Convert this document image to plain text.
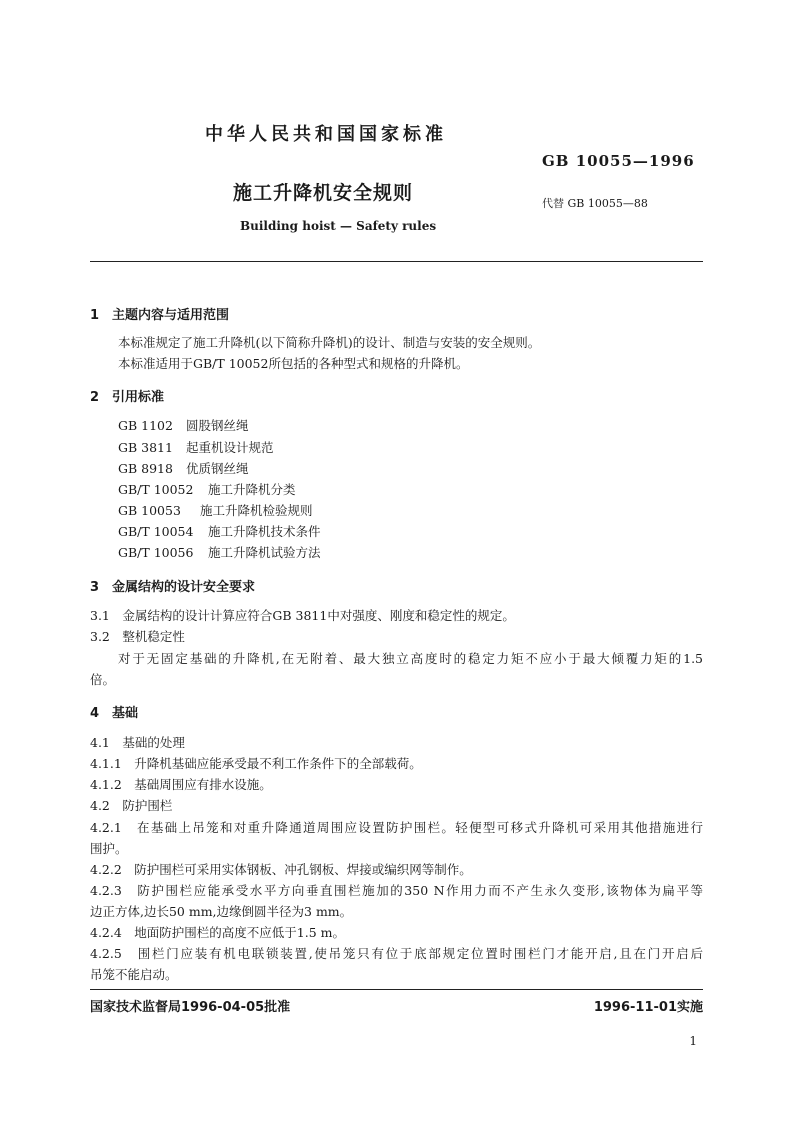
中华人民共和国国家标准
GB 10055—1996
施工升降机安全规则	代替 GB 10055—88
Building hoist — Safety rules
1　主题内容与适用范围
本标准规定了施工升降机(以下简称升降机)的设计、制造与安装的安全规则。
本标准适用于GB/T 10052所包括的各种型式和规格的升降机。
2　引用标准
GB 1102 圆股钢丝绳
GB 3811 起重机设计规范
GB 8918 优质钢丝绳
GB/T 10052 施工升降机分类
GB 10053 施工升降机检验规则
GB/T 10054 施工升降机技术条件
GB/T 10056 施工升降机试验方法
3　金属结构的设计安全要求
3.1　金属结构的设计计算应符合GB 3811中对强度、刚度和稳定性的规定。
3.2　整机稳定性
对于无固定基础的升降机,在无附着、最大独立高度时的稳定力矩不应小于最大倾覆力矩的1.5
倍。
4　基础
4.1　基础的处理
4.1.1　升降机基础应能承受最不利工作条件下的全部载荷。
4.1.2　基础周围应有排水设施。
4.2　防护围栏
4.2.1　在基础上吊笼和对重升降通道周围应设置防护围栏。轻便型可移式升降机可采用其他措施进行
围护。
4.2.2　防护围栏可采用实体钢板、冲孔钢板、焊接或编织网等制作。
4.2.3　防护围栏应能承受水平方向垂直围栏施加的350 N作用力而不产生永久变形,该物体为扁平等
边正方体,边长50 mm,边缘倒圆半径为3 mm。
4.2.4　地面防护围栏的高度不应低于1.5 m。
4.2.5　围栏门应装有机电联锁装置,使吊笼只有位于底部规定位置时围栏门才能开启,且在门开启后
吊笼不能启动。
国家技术监督局1996-04-05批准	1996-11-01实施
1
